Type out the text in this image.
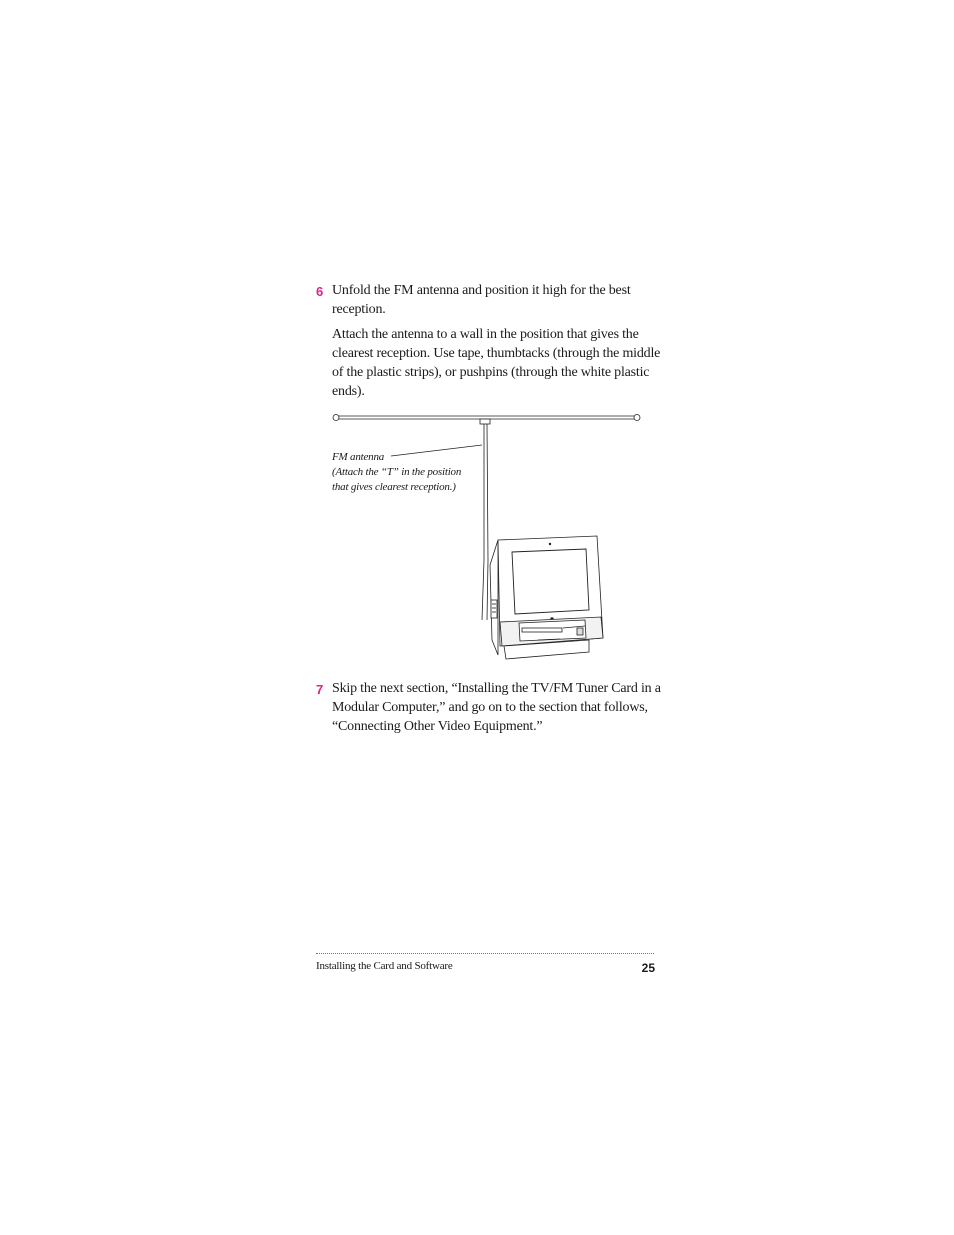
6 Unfold the FM antenna and position it high for the best reception.
Attach the antenna to a wall in the position that gives the clearest reception. Use tape, thumbtacks (through the middle of the plastic strips), or pushpins (through the white plastic ends).
FM antenna
(Attach the “T” in the position
that gives clearest reception.)
7 Skip the next section, “Installing the TV/FM Tuner Card in a Modular Computer,” and go on to the section that follows, “Connecting Other Video Equipment.”
Installing the Card and Software	25
